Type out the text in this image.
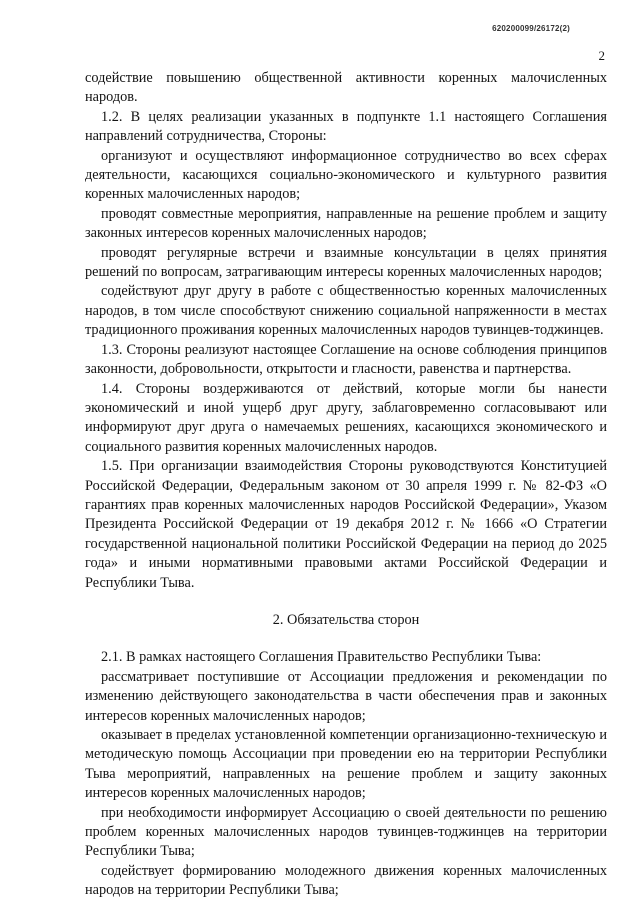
620200099/26172(2)
2

содействие повышению общественной активности коренных малочисленных народов.

1.2. В целях реализации указанных в подпункте 1.1 настоящего Соглашения направлений сотрудничества, Стороны:

организуют и осуществляют информационное сотрудничество во всех сферах деятельности, касающихся социально-экономического и культурного развития коренных малочисленных народов;

проводят совместные мероприятия, направленные на решение проблем и защиту законных интересов коренных малочисленных народов;

проводят регулярные встречи и взаимные консультации в целях принятия решений по вопросам, затрагивающим интересы коренных малочисленных народов;

содействуют друг другу в работе с общественностью коренных малочисленных народов, в том числе способствуют снижению социальной напряженности в местах традиционного проживания коренных малочисленных народов тувинцев-тоджинцев.

1.3. Стороны реализуют настоящее Соглашение на основе соблюдения принципов законности, добровольности, открытости и гласности, равенства и партнерства.

1.4. Стороны воздерживаются от действий, которые могли бы нанести экономический и иной ущерб друг другу, заблаговременно согласовывают или информируют друг друга о намечаемых решениях, касающихся экономического и социального развития коренных малочисленных народов.

1.5. При организации взаимодействия Стороны руководствуются Конституцией Российской Федерации, Федеральным законом от 30 апреля 1999 г. № 82-ФЗ «О гарантиях прав коренных малочисленных народов Российской Федерации», Указом Президента Российской Федерации от 19 декабря 2012 г. № 1666 «О Стратегии государственной национальной политики Российской Федерации на период до 2025 года» и иными нормативными правовыми актами Российской Федерации и Республики Тыва.

2. Обязательства сторон

2.1. В рамках настоящего Соглашения Правительство Республики Тыва:

рассматривает поступившие от Ассоциации предложения и рекомендации по изменению действующего законодательства в части обеспечения прав и законных интересов коренных малочисленных народов;

оказывает в пределах установленной компетенции организационно-техническую и методическую помощь Ассоциации при проведении ею на территории Республики Тыва мероприятий, направленных на решение проблем и защиту законных интересов коренных малочисленных народов;

при необходимости информирует Ассоциацию о своей деятельности по решению проблем коренных малочисленных народов тувинцев-тоджинцев на территории Республики Тыва;

содействует формированию молодежного движения коренных малочисленных народов на территории Республики Тыва;
